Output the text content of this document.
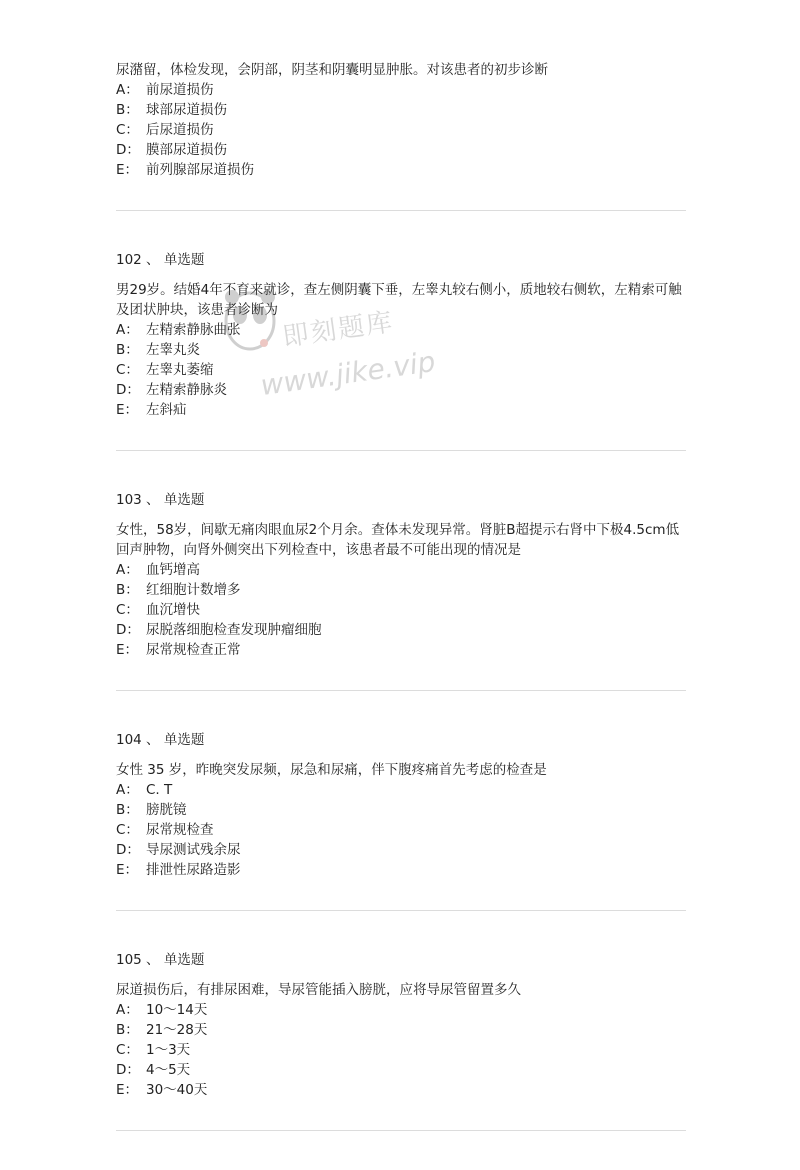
尿潴留，体检发现，会阴部，阴茎和阴囊明显肿胀。对该患者的初步诊断
A： 前尿道损伤
B： 球部尿道损伤
C： 后尿道损伤
D： 膜部尿道损伤
E： 前列腺部尿道损伤
102 、 单选题
男29岁。结婚4年不育来就诊，查左侧阴囊下垂，左睾丸较右侧小，质地较右侧软，左精索可触及团状肿块，该患者诊断为
A： 左精索静脉曲张
B： 左睾丸炎
C： 左睾丸萎缩
D： 左精索静脉炎
E： 左斜疝
103 、 单选题
女性，58岁，间歇无痛肉眼血尿2个月余。查体未发现异常。肾脏B超提示右肾中下极4.5cm低回声肿物，向肾外侧突出下列检查中，该患者最不可能出现的情况是
A： 血钙增高
B： 红细胞计数增多
C： 血沉增快
D： 尿脱落细胞检查发现肿瘤细胞
E： 尿常规检查正常
104 、 单选题
女性 35 岁，昨晚突发尿频，尿急和尿痛，伴下腹疼痛首先考虑的检查是
A： C. T
B： 膀胱镜
C： 尿常规检查
D： 导尿测试残余尿
E： 排泄性尿路造影
105 、 单选题
尿道损伤后，有排尿困难，导尿管能插入膀胱，应将导尿管留置多久
A： 10～14天
B： 21～28天
C： 1～3天
D： 4～5天
E： 30～40天
即刻题库
www.jike.vip
